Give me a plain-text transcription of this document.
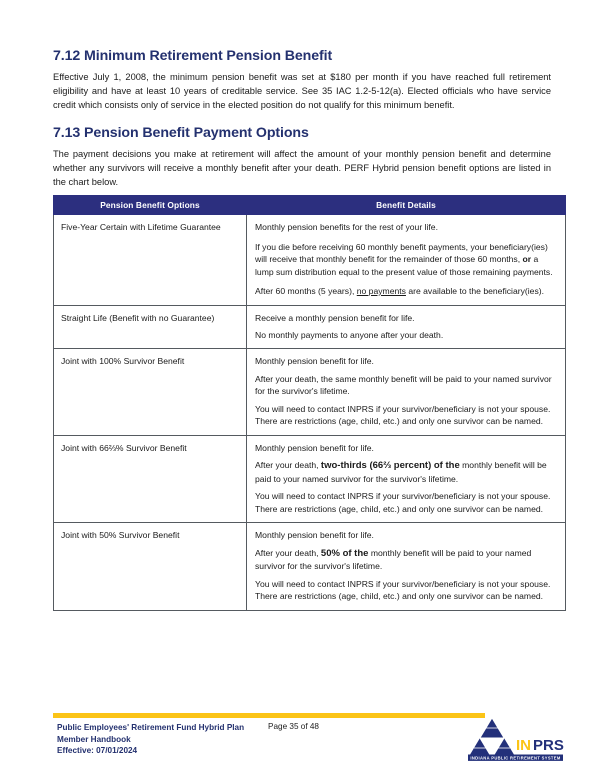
7.12 Minimum Retirement Pension Benefit

Effective July 1, 2008, the minimum pension benefit was set at $180 per month if you have reached full retirement eligibility and have at least 10 years of creditable service. See 35 IAC 1.2-5-12(a). Elected officials who have service credit which consists only of service in the elected position do not qualify for this minimum benefit.

7.13 Pension Benefit Payment Options

The payment decisions you make at retirement will affect the amount of your monthly pension benefit and determine whether any survivors will receive a monthly benefit after your death. PERF Hybrid pension benefit options are listed in the chart below.

Pension Benefit Options	Benefit Details
Five-Year Certain with Lifetime Guarantee	Monthly pension benefits for the rest of your life.

If you die before receiving 60 monthly benefit payments, your beneficiary(ies) will receive that monthly benefit for the remainder of those 60 months, or a lump sum distribution equal to the present value of those remaining payments.

After 60 months (5 years), no payments are available to the beneficiary(ies).

Straight Life (Benefit with no Guarantee)	Receive a monthly pension benefit for life.

No monthly payments to anyone after your death.

Joint with 100% Survivor Benefit	Monthly pension benefit for life.

After your death, the same monthly benefit will be paid to your named survivor for the survivor's lifetime.

You will need to contact INPRS if your survivor/beneficiary is not your spouse. There are restrictions (age, child, etc.) and only one survivor can be named.

Joint with 66⅔% Survivor Benefit	Monthly pension benefit for life.

After your death, two-thirds (66⅔ percent) of the monthly benefit will be paid to your named survivor for the survivor's lifetime.

You will need to contact INPRS if your survivor/beneficiary is not your spouse. There are restrictions (age, child, etc.) and only one survivor can be named.

Joint with 50% Survivor Benefit	Monthly pension benefit for life.

After your death, 50% of the monthly benefit will be paid to your named survivor for the survivor's lifetime.

You will need to contact INPRS if your survivor/beneficiary is not your spouse. There are restrictions (age, child, etc.) and only one survivor can be named.

Public Employees' Retirement Fund Hybrid Plan
Member Handbook
Effective: 07/01/2024
Page 35 of 48
IN PRS
INDIANA PUBLIC RETIREMENT SYSTEM
